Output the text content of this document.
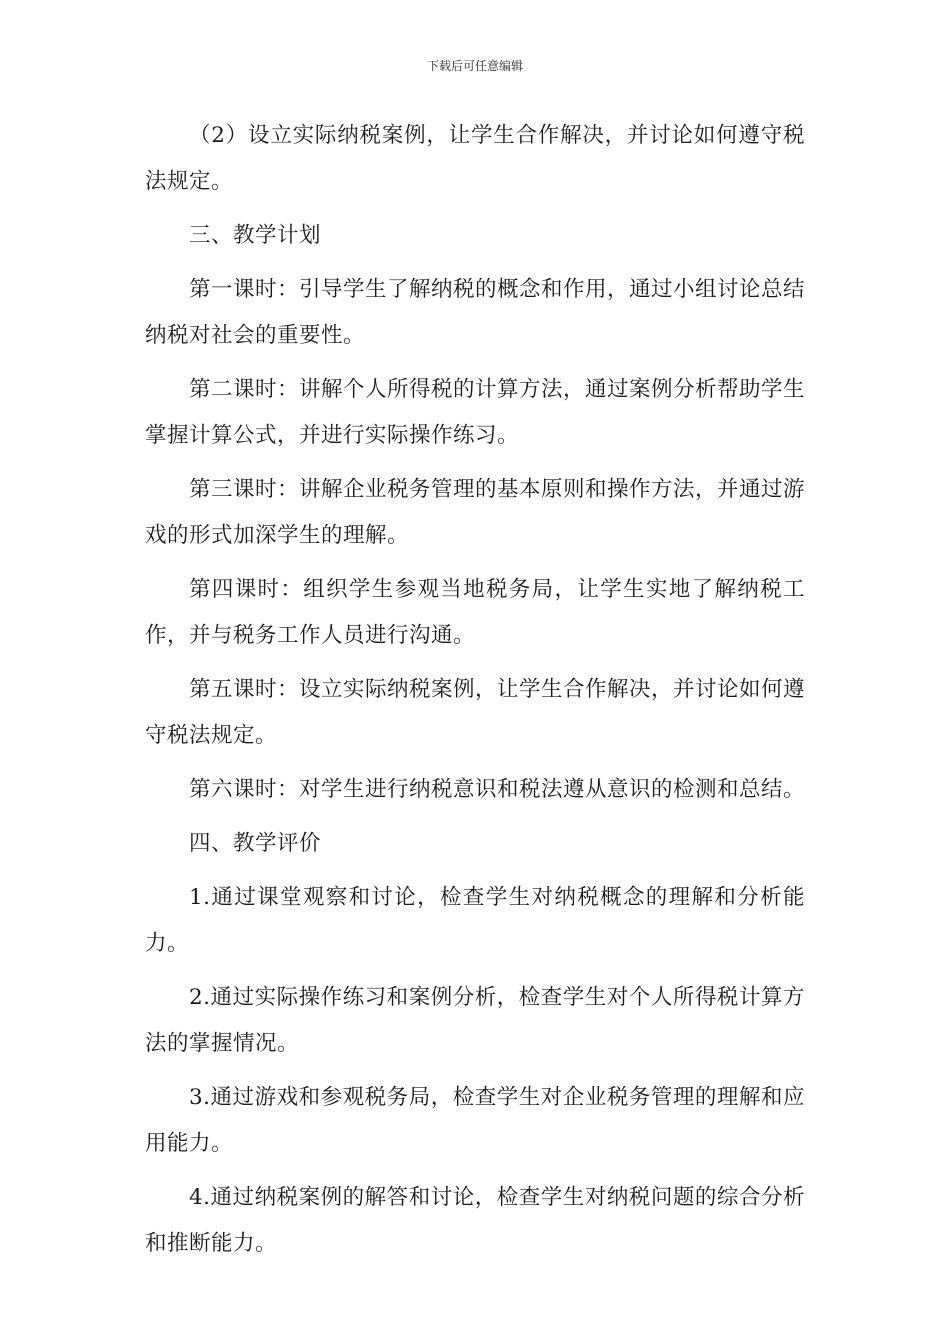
下载后可任意编辑

（2）设立实际纳税案例，让学生合作解决，并讨论如何遵守税法规定。

三、教学计划

第一课时：引导学生了解纳税的概念和作用，通过小组讨论总结纳税对社会的重要性。

第二课时：讲解个人所得税的计算方法，通过案例分析帮助学生掌握计算公式，并进行实际操作练习。

第三课时：讲解企业税务管理的基本原则和操作方法，并通过游戏的形式加深学生的理解。

第四课时：组织学生参观当地税务局，让学生实地了解纳税工作，并与税务工作人员进行沟通。

第五课时：设立实际纳税案例，让学生合作解决，并讨论如何遵守税法规定。

第六课时：对学生进行纳税意识和税法遵从意识的检测和总结。

四、教学评价

1.通过课堂观察和讨论，检查学生对纳税概念的理解和分析能力。

2.通过实际操作练习和案例分析，检查学生对个人所得税计算方法的掌握情况。

3.通过游戏和参观税务局，检查学生对企业税务管理的理解和应用能力。

4.通过纳税案例的解答和讨论，检查学生对纳税问题的综合分析和推断能力。
